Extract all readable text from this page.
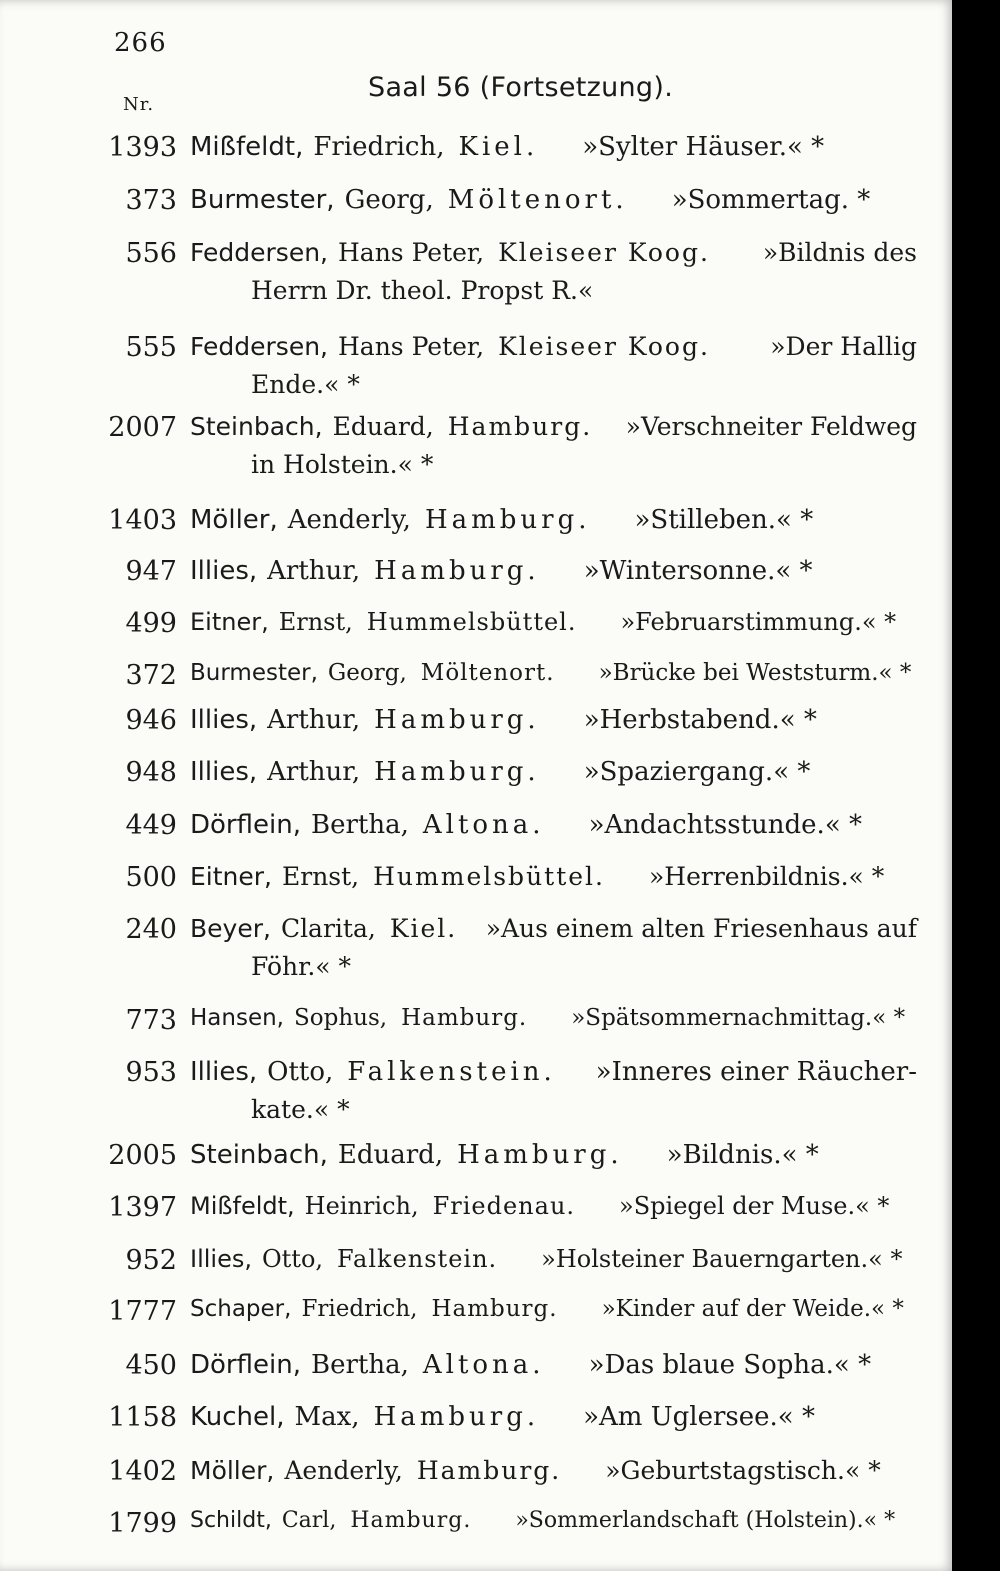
266
Saal 56 (Fortsetzung).
Nr.
1393 Mißfeldt, Friedrich, Kiel.	»Sylter Häuser.« *
373 Burmester, Georg, Möltenort.	»Sommertag. *
556 Feddersen, Hans Peter, Kleiseer Koog.	»Bildnis des
Herrn Dr. theol. Propst R.«
555 Feddersen, Hans Peter, Kleiseer Koog.	»Der Hallig
Ende.« *
2007 Steinbach, Eduard, Hamburg.	»Verschneiter Feldweg
in Holstein.« *
1403 Möller, Aenderly, Hamburg.	»Stilleben.« *
947 Illies, Arthur, Hamburg.	»Wintersonne.« *
499 Eitner, Ernst, Hummelsbüttel.	»Februarstimmung.« *
372 Burmester, Georg, Möltenort.	»Brücke bei Weststurm.« *
946 Illies, Arthur, Hamburg.	»Herbstabend.« *
948 Illies, Arthur, Hamburg.	»Spaziergang.« *
449 Dörflein, Bertha, Altona.	»Andachtsstunde.« *
500 Eitner, Ernst, Hummelsbüttel.	»Herrenbildnis.« *
240 Beyer, Clarita, Kiel.	»Aus einem alten Friesenhaus auf
Föhr.« *
773 Hansen, Sophus, Hamburg.	»Spätsommernachmittag.« *
953 Illies, Otto, Falkenstein.	»Inneres einer Räucher-
kate.« *
2005 Steinbach, Eduard, Hamburg.	»Bildnis.« *
1397 Mißfeldt, Heinrich, Friedenau.	»Spiegel der Muse.« *
952 Illies, Otto, Falkenstein.	»Holsteiner Bauerngarten.« *
1777 Schaper, Friedrich, Hamburg.	»Kinder auf der Weide.« *
450 Dörflein, Bertha, Altona.	»Das blaue Sopha.« *
1158 Kuchel, Max, Hamburg.	»Am Uglersee.« *
1402 Möller, Aenderly, Hamburg.	»Geburtstagstisch.« *
1799 Schildt, Carl, Hamburg.	»Sommerlandschaft (Holstein).« *
